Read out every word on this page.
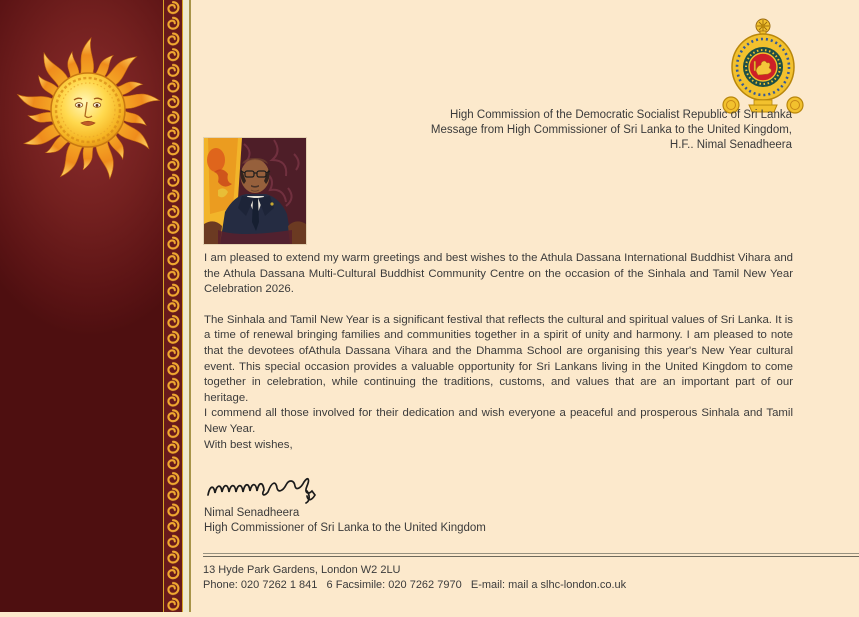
High Commission of the Democratic Socialist Republic of Sri Lanka
Message from High Commissioner of Sri Lanka to the United Kingdom,
H.F.. Nimal Senadheera

I am pleased to extend my warm greetings and best wishes to the Athula Dassana International Buddhist Vihara and the Athula Dassana Multi-Cultural Buddhist Community Centre on the occasion of the Sinhala and Tamil New Year Celebration 2026.

The Sinhala and Tamil New Year is a significant festival that reflects the cultural and spiritual values of Sri Lanka. It is a time of renewal bringing families and communities together in a spirit of unity and harmony. I am pleased to note that the devotees ofAthula Dassana Vihara and the Dhamma School are organising this year's New Year cultural event. This special occasion provides a valuable opportunity for Sri Lankans living in the United Kingdom to come together in celebration, while continuing the traditions, customs, and values that are an important part of our heritage.

I commend all those involved for their dedication and wish everyone a peaceful and prosperous Sinhala and Tamil New Year.

With best wishes,

Nimal Senadheera
High Commissioner of Sri Lanka to the United Kingdom
13 Hyde Park Gardens, London W2 2LU
Phone: 020 7262 1 841   6 Facsimile: 020 7262 7970   E-mail: mail a slhc-london.co.uk
